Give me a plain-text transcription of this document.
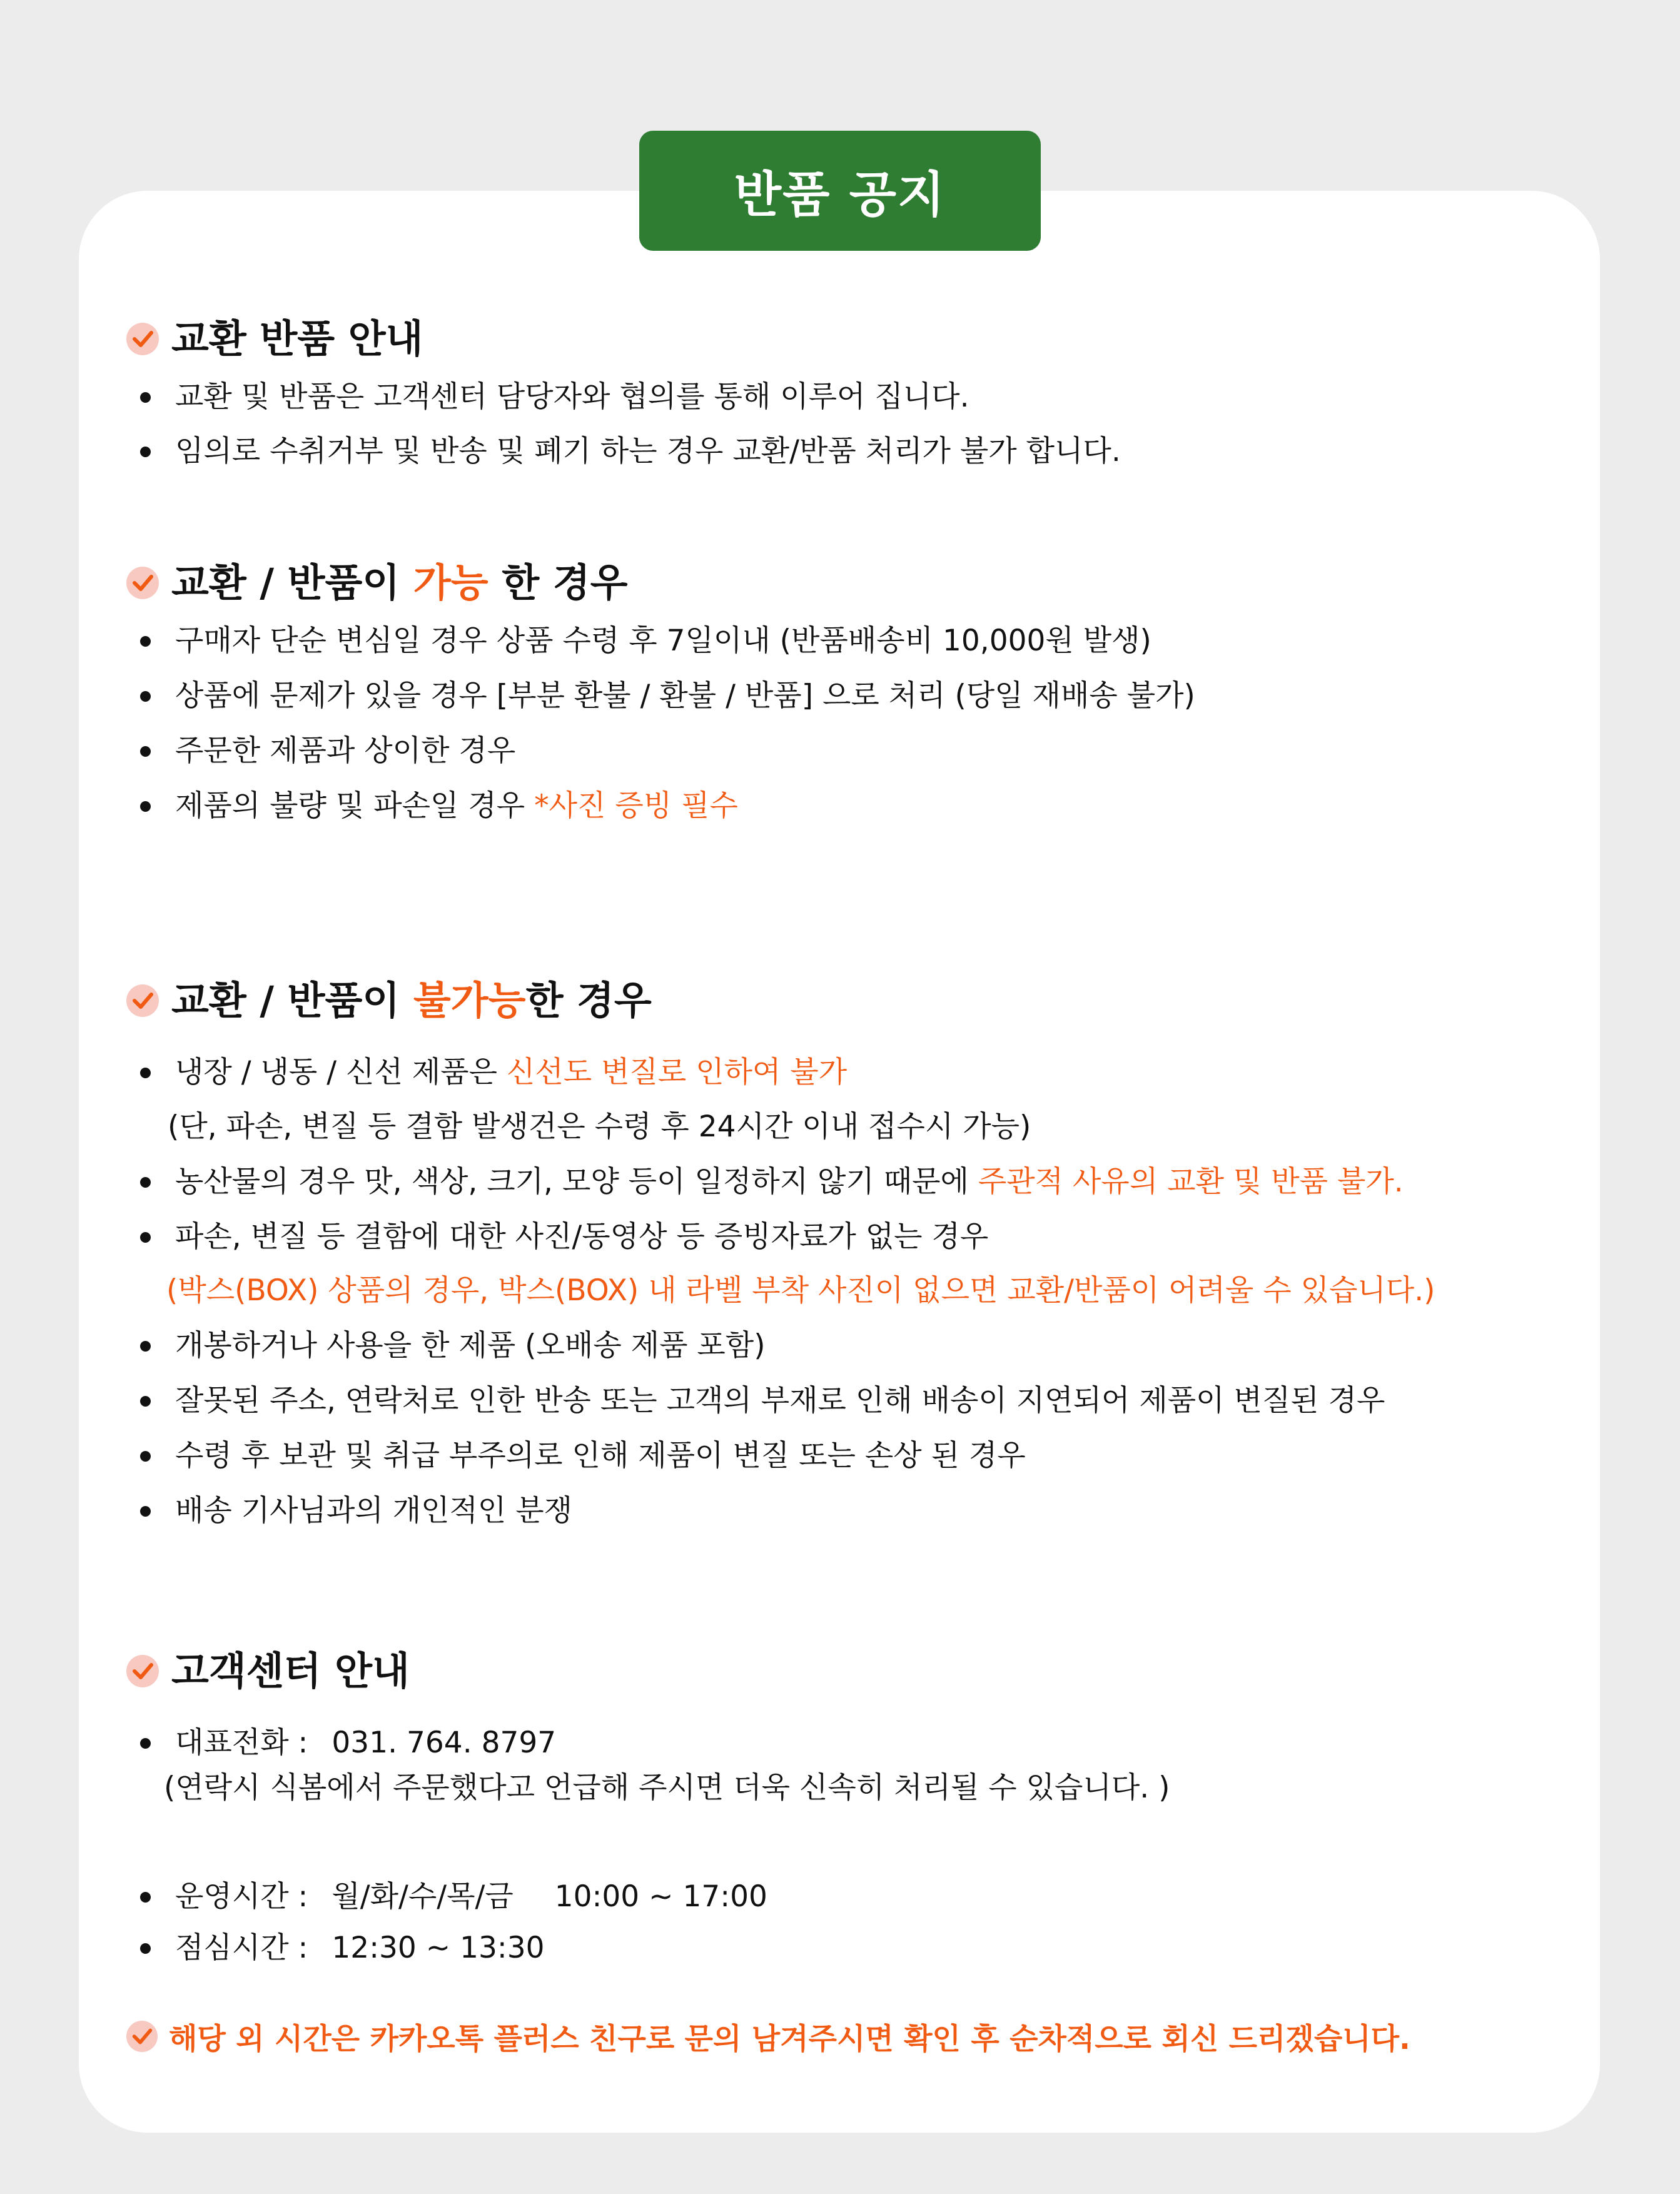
반품 공지
교환 반품 안내
교환 및 반품은 고객센터 담당자와 협의를 통해 이루어 집니다.
임의로 수취거부 및 반송 및 폐기 하는 경우 교환/반품 처리가 불가 합니다.
교환 / 반품이 가능 한 경우
구매자 단순 변심일 경우 상품 수령 후 7일이내 (반품배송비 10,000원 발생)
상품에 문제가 있을 경우 [부분 환불 / 환불 / 반품] 으로 처리 (당일 재배송 불가)
주문한 제품과 상이한 경우
제품의 불량 및 파손일 경우 *사진 증빙 필수
교환 / 반품이 불가능한 경우
냉장 / 냉동 / 신선 제품은 신선도 변질로 인하여 불가
(단, 파손, 변질 등 결함 발생건은 수령 후 24시간 이내 접수시 가능)
농산물의 경우 맛, 색상, 크기, 모양 등이 일정하지 않기 때문에 주관적 사유의 교환 및 반품 불가.
파손, 변질 등 결함에 대한 사진/동영상 등 증빙자료가 없는 경우
(박스(BOX) 상품의 경우, 박스(BOX) 내 라벨 부착 사진이 없으면 교환/반품이 어려울 수 있습니다.)
개봉하거나 사용을 한 제품 (오배송 제품 포함)
잘못된 주소, 연락처로 인한 반송 또는 고객의 부재로 인해 배송이 지연되어 제품이 변질된 경우
수령 후 보관 및 취급 부주의로 인해 제품이 변질 또는 손상 된 경우
배송 기사님과의 개인적인 분쟁
고객센터 안내
대표전화 : 031. 764. 8797
(연락시 식봄에서 주문했다고 언급해 주시면 더욱 신속히 처리될 수 있습니다. )
운영시간 : 월/화/수/목/금 10:00 ~ 17:00
점심시간 : 12:30 ~ 13:30
해당 외 시간은 카카오톡 플러스 친구로 문의 남겨주시면 확인 후 순차적으로 회신 드리겠습니다.
